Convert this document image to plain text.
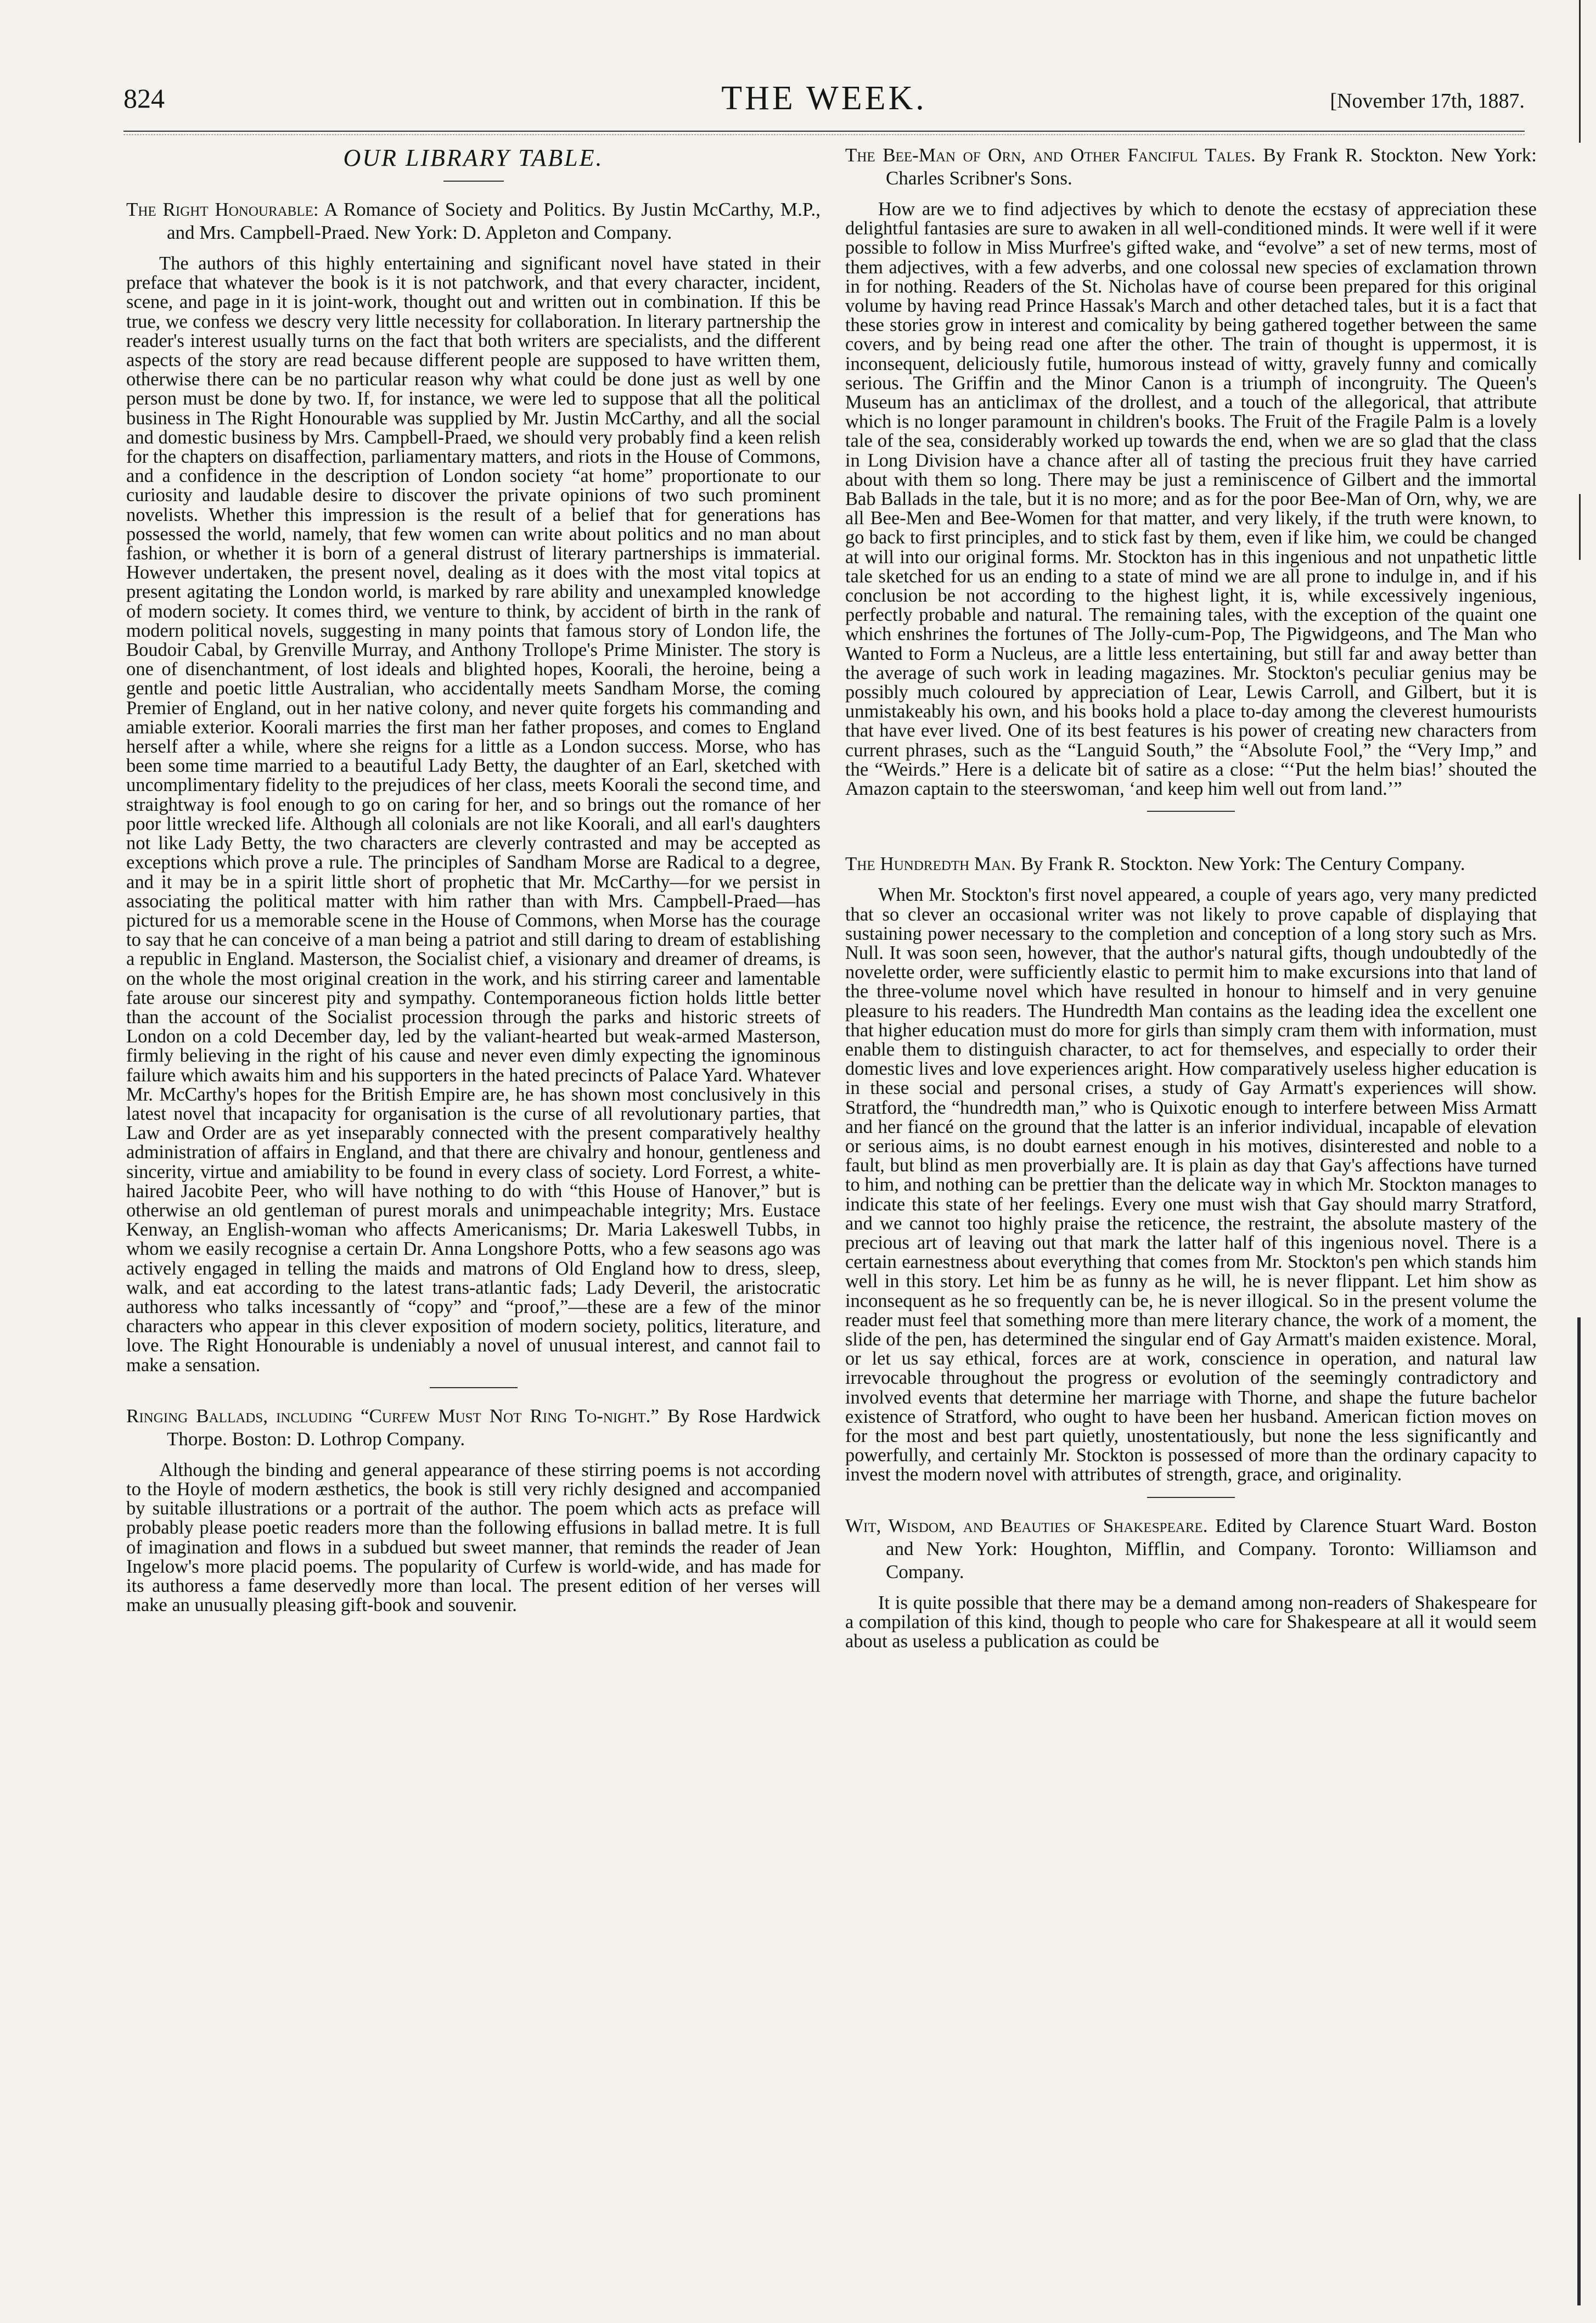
824	THE WEEK.	[November 17th, 1887.
OUR LIBRARY TABLE.

The Right Honourable: A Romance of Society and Politics. By Justin McCarthy, M.P., and Mrs. Campbell-Praed. New York: D. Appleton and Company.

The authors of this highly entertaining and significant novel have stated in their preface that whatever the book is it is not patchwork, and that every character, incident, scene, and page in it is joint-work, thought out and written out in combination. If this be true, we confess we descry very little necessity for collaboration. In literary partnership the reader's interest usually turns on the fact that both writers are specialists, and the different aspects of the story are read because different people are supposed to have written them, otherwise there can be no particular reason why what could be done just as well by one person must be done by two. If, for instance, we were led to suppose that all the political business in The Right Honourable was supplied by Mr. Justin McCarthy, and all the social and domestic business by Mrs. Campbell-Praed, we should very probably find a keen relish for the chapters on disaffection, parliamentary matters, and riots in the House of Commons, and a confidence in the description of London society “at home” proportionate to our curiosity and laudable desire to discover the private opinions of two such prominent novelists. Whether this impression is the result of a belief that for generations has possessed the world, namely, that few women can write about politics and no man about fashion, or whether it is born of a general distrust of literary partnerships is immaterial. However undertaken, the present novel, dealing as it does with the most vital topics at present agitating the London world, is marked by rare ability and unexampled knowledge of modern society. It comes third, we venture to think, by accident of birth in the rank of modern political novels, suggesting in many points that famous story of London life, the Boudoir Cabal, by Grenville Murray, and Anthony Trollope's Prime Minister. The story is one of disenchantment, of lost ideals and blighted hopes, Koorali, the heroine, being a gentle and poetic little Australian, who accidentally meets Sandham Morse, the coming Premier of England, out in her native colony, and never quite forgets his commanding and amiable exterior. Koorali marries the first man her father proposes, and comes to England herself after a while, where she reigns for a little as a London success. Morse, who has been some time married to a beautiful Lady Betty, the daughter of an Earl, sketched with uncomplimentary fidelity to the prejudices of her class, meets Koorali the second time, and straightway is fool enough to go on caring for her, and so brings out the romance of her poor little wrecked life. Although all colonials are not like Koorali, and all earl's daughters not like Lady Betty, the two characters are cleverly contrasted and may be accepted as exceptions which prove a rule. The principles of Sandham Morse are Radical to a degree, and it may be in a spirit little short of prophetic that Mr. McCarthy—for we persist in associating the political matter with him rather than with Mrs. Campbell-Praed—has pictured for us a memorable scene in the House of Commons, when Morse has the courage to say that he can conceive of a man being a patriot and still daring to dream of establishing a republic in England. Masterson, the Socialist chief, a visionary and dreamer of dreams, is on the whole the most original creation in the work, and his stirring career and lamentable fate arouse our sincerest pity and sympathy. Contemporaneous fiction holds little better than the account of the Socialist procession through the parks and historic streets of London on a cold December day, led by the valiant-hearted but weak-armed Masterson, firmly believing in the right of his cause and never even dimly expecting the ignominous failure which awaits him and his supporters in the hated precincts of Palace Yard. Whatever Mr. McCarthy's hopes for the British Empire are, he has shown most conclusively in this latest novel that incapacity for organisation is the curse of all revolutionary parties, that Law and Order are as yet inseparably connected with the present comparatively healthy administration of affairs in England, and that there are chivalry and honour, gentleness and sincerity, virtue and amiability to be found in every class of society. Lord Forrest, a white-haired Jacobite Peer, who will have nothing to do with “this House of Hanover,” but is otherwise an old gentleman of purest morals and unimpeachable integrity; Mrs. Eustace Kenway, an English-woman who affects Americanisms; Dr. Maria Lakeswell Tubbs, in whom we easily recognise a certain Dr. Anna Longshore Potts, who a few seasons ago was actively engaged in telling the maids and matrons of Old England how to dress, sleep, walk, and eat according to the latest trans-atlantic fads; Lady Deveril, the aristocratic authoress who talks incessantly of “copy” and “proof,”—these are a few of the minor characters who appear in this clever exposition of modern society, politics, literature, and love. The Right Honourable is undeniably a novel of unusual interest, and cannot fail to make a sensation.

Ringing Ballads, including “Curfew Must Not Ring To-night.” By Rose Hardwick Thorpe. Boston: D. Lothrop Company.

Although the binding and general appearance of these stirring poems is not according to the Hoyle of modern æsthetics, the book is still very richly designed and accompanied by suitable illustrations or a portrait of the author. The poem which acts as preface will probably please poetic readers more than the following effusions in ballad metre. It is full of imagination and flows in a subdued but sweet manner, that reminds the reader of Jean Ingelow's more placid poems. The popularity of Curfew is world-wide, and has made for its authoress a fame deservedly more than local. The present edition of her verses will make an unusually pleasing gift-book and souvenir.

The Bee-Man of Orn, and Other Fanciful Tales. By Frank R. Stockton. New York: Charles Scribner's Sons.

How are we to find adjectives by which to denote the ecstasy of appreciation these delightful fantasies are sure to awaken in all well-conditioned minds. It were well if it were possible to follow in Miss Murfree's gifted wake, and “evolve” a set of new terms, most of them adjectives, with a few adverbs, and one colossal new species of exclamation thrown in for nothing. Readers of the St. Nicholas have of course been prepared for this original volume by having read Prince Hassak's March and other detached tales, but it is a fact that these stories grow in interest and comicality by being gathered together between the same covers, and by being read one after the other. The train of thought is uppermost, it is inconsequent, deliciously futile, humorous instead of witty, gravely funny and comically serious. The Griffin and the Minor Canon is a triumph of incongruity. The Queen's Museum has an anticlimax of the drollest, and a touch of the allegorical, that attribute which is no longer paramount in children's books. The Fruit of the Fragile Palm is a lovely tale of the sea, considerably worked up towards the end, when we are so glad that the class in Long Division have a chance after all of tasting the precious fruit they have carried about with them so long. There may be just a reminiscence of Gilbert and the immortal Bab Ballads in the tale, but it is no more; and as for the poor Bee-Man of Orn, why, we are all Bee-Men and Bee-Women for that matter, and very likely, if the truth were known, to go back to first principles, and to stick fast by them, even if like him, we could be changed at will into our original forms. Mr. Stockton has in this ingenious and not unpathetic little tale sketched for us an ending to a state of mind we are all prone to indulge in, and if his conclusion be not according to the highest light, it is, while excessively ingenious, perfectly probable and natural. The remaining tales, with the exception of the quaint one which enshrines the fortunes of The Jolly-cum-Pop, The Pigwidgeons, and The Man who Wanted to Form a Nucleus, are a little less entertaining, but still far and away better than the average of such work in leading magazines. Mr. Stockton's peculiar genius may be possibly much coloured by appreciation of Lear, Lewis Carroll, and Gilbert, but it is unmistakeably his own, and his books hold a place to-day among the cleverest humourists that have ever lived. One of its best features is his power of creating new characters from current phrases, such as the “Languid South,” the “Absolute Fool,” the “Very Imp,” and the “Weirds.” Here is a delicate bit of satire as a close: “‘Put the helm bias!’ shouted the Amazon captain to the steerswoman, ‘and keep him well out from land.’”

The Hundredth Man. By Frank R. Stockton. New York: The Century Company.

When Mr. Stockton's first novel appeared, a couple of years ago, very many predicted that so clever an occasional writer was not likely to prove capable of displaying that sustaining power necessary to the completion and conception of a long story such as Mrs. Null. It was soon seen, however, that the author's natural gifts, though undoubtedly of the novelette order, were sufficiently elastic to permit him to make excursions into that land of the three-volume novel which have resulted in honour to himself and in very genuine pleasure to his readers. The Hundredth Man contains as the leading idea the excellent one that higher education must do more for girls than simply cram them with information, must enable them to distinguish character, to act for themselves, and especially to order their domestic lives and love experiences aright. How comparatively useless higher education is in these social and personal crises, a study of Gay Armatt's experiences will show. Stratford, the “hundredth man,” who is Quixotic enough to interfere between Miss Armatt and her fiancé on the ground that the latter is an inferior individual, incapable of elevation or serious aims, is no doubt earnest enough in his motives, disinterested and noble to a fault, but blind as men proverbially are. It is plain as day that Gay's affections have turned to him, and nothing can be prettier than the delicate way in which Mr. Stockton manages to indicate this state of her feelings. Every one must wish that Gay should marry Stratford, and we cannot too highly praise the reticence, the restraint, the absolute mastery of the precious art of leaving out that mark the latter half of this ingenious novel. There is a certain earnestness about everything that comes from Mr. Stockton's pen which stands him well in this story. Let him be as funny as he will, he is never flippant. Let him show as inconsequent as he so frequently can be, he is never illogical. So in the present volume the reader must feel that something more than mere literary chance, the work of a moment, the slide of the pen, has determined the singular end of Gay Armatt's maiden existence. Moral, or let us say ethical, forces are at work, conscience in operation, and natural law irrevocable throughout the progress or evolution of the seemingly contradictory and involved events that determine her marriage with Thorne, and shape the future bachelor existence of Stratford, who ought to have been her husband. American fiction moves on for the most and best part quietly, unostentatiously, but none the less significantly and powerfully, and certainly Mr. Stockton is possessed of more than the ordinary capacity to invest the modern novel with attributes of strength, grace, and originality.

Wit, Wisdom, and Beauties of Shakespeare. Edited by Clarence Stuart Ward. Boston and New York: Houghton, Mifflin, and Company. Toronto: Williamson and Company.

It is quite possible that there may be a demand among non-readers of Shakespeare for a compilation of this kind, though to people who care for Shakespeare at all it would seem about as useless a publication as could be
